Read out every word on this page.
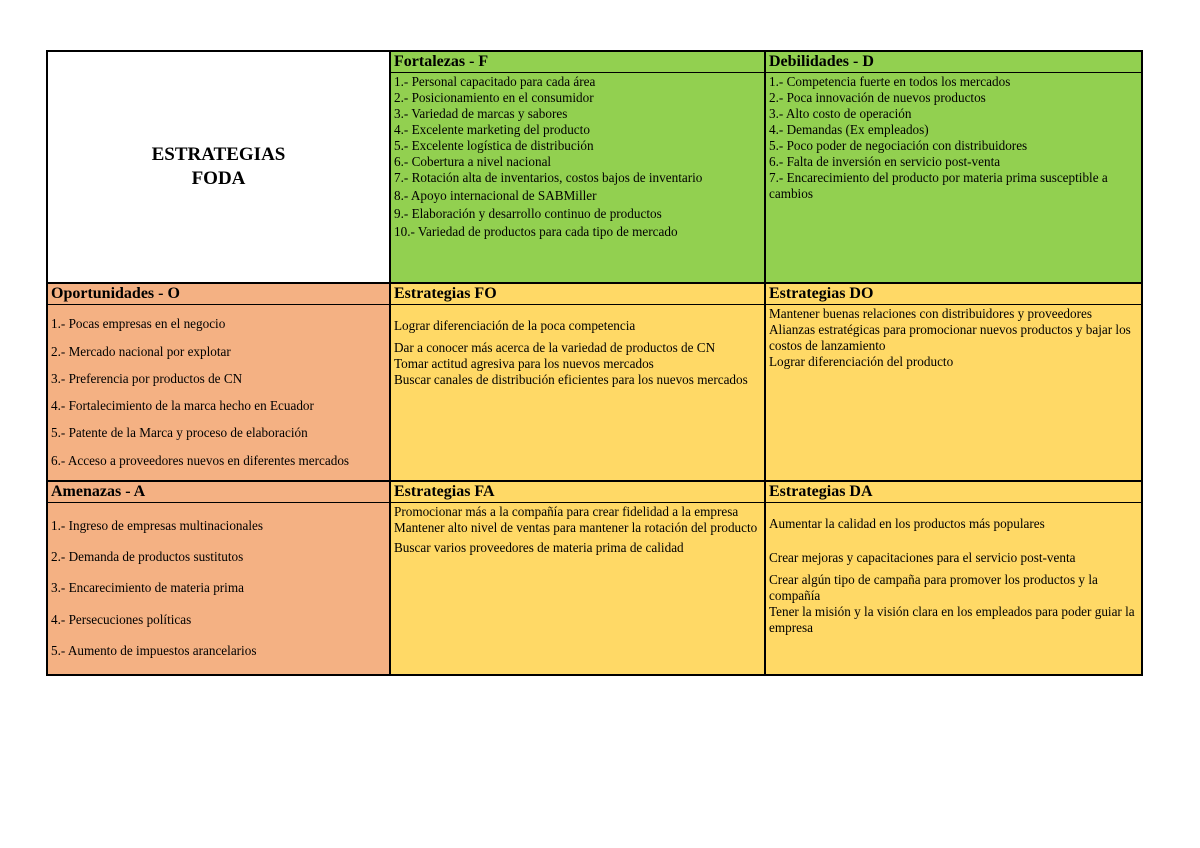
ESTRATEGIAS
FODA
Fortalezas - F
1.- Personal capacitado para cada área
2.- Posicionamiento en el consumidor
3.- Variedad de marcas y sabores
4.- Excelente marketing del producto
5.- Excelente logística de distribución
6.- Cobertura a nivel nacional
7.- Rotación alta de inventarios, costos bajos de inventario
8.- Apoyo internacional de SABMiller
9.- Elaboración y desarrollo continuo de productos
10.- Variedad de productos para cada tipo de mercado
Debilidades - D
1.- Competencia fuerte en todos los mercados
2.- Poca innovación de nuevos productos
3.- Alto costo de operación
4.- Demandas (Ex empleados)
5.- Poco poder de negociación con distribuidores
6.- Falta de inversión en servicio post-venta
7.- Encarecimiento del producto por materia prima susceptible a cambios
Oportunidades - O
1.- Pocas empresas en el negocio
2.- Mercado nacional por explotar
3.- Preferencia por productos de CN
4.- Fortalecimiento de la marca hecho en Ecuador
5.- Patente de la Marca y proceso de elaboración
6.- Acceso a proveedores nuevos en diferentes mercados
Estrategias FO
Lograr diferenciación de la poca competencia
Dar a conocer más acerca de la variedad de productos de CN
Tomar actitud agresiva para los nuevos mercados
Buscar canales de distribución eficientes para los nuevos mercados
Estrategias DO
Mantener buenas relaciones con distribuidores y proveedores
Alianzas estratégicas para promocionar nuevos productos y bajar los costos de lanzamiento
Lograr diferenciación del producto
Amenazas - A
1.- Ingreso de empresas multinacionales
2.- Demanda de productos sustitutos
3.- Encarecimiento de materia prima
4.- Persecuciones políticas
5.- Aumento de impuestos arancelarios
Estrategias FA
Promocionar más a la compañía para crear fidelidad a la empresa
Mantener alto nivel de ventas para mantener la rotación del producto
Buscar varios proveedores de materia prima de calidad
Estrategias DA
Aumentar la calidad en los productos más populares
Crear mejoras y capacitaciones para el servicio post-venta
Crear algún tipo de campaña para promover los productos y la compañía
Tener la misión y la visión clara en los empleados para poder guiar la empresa
